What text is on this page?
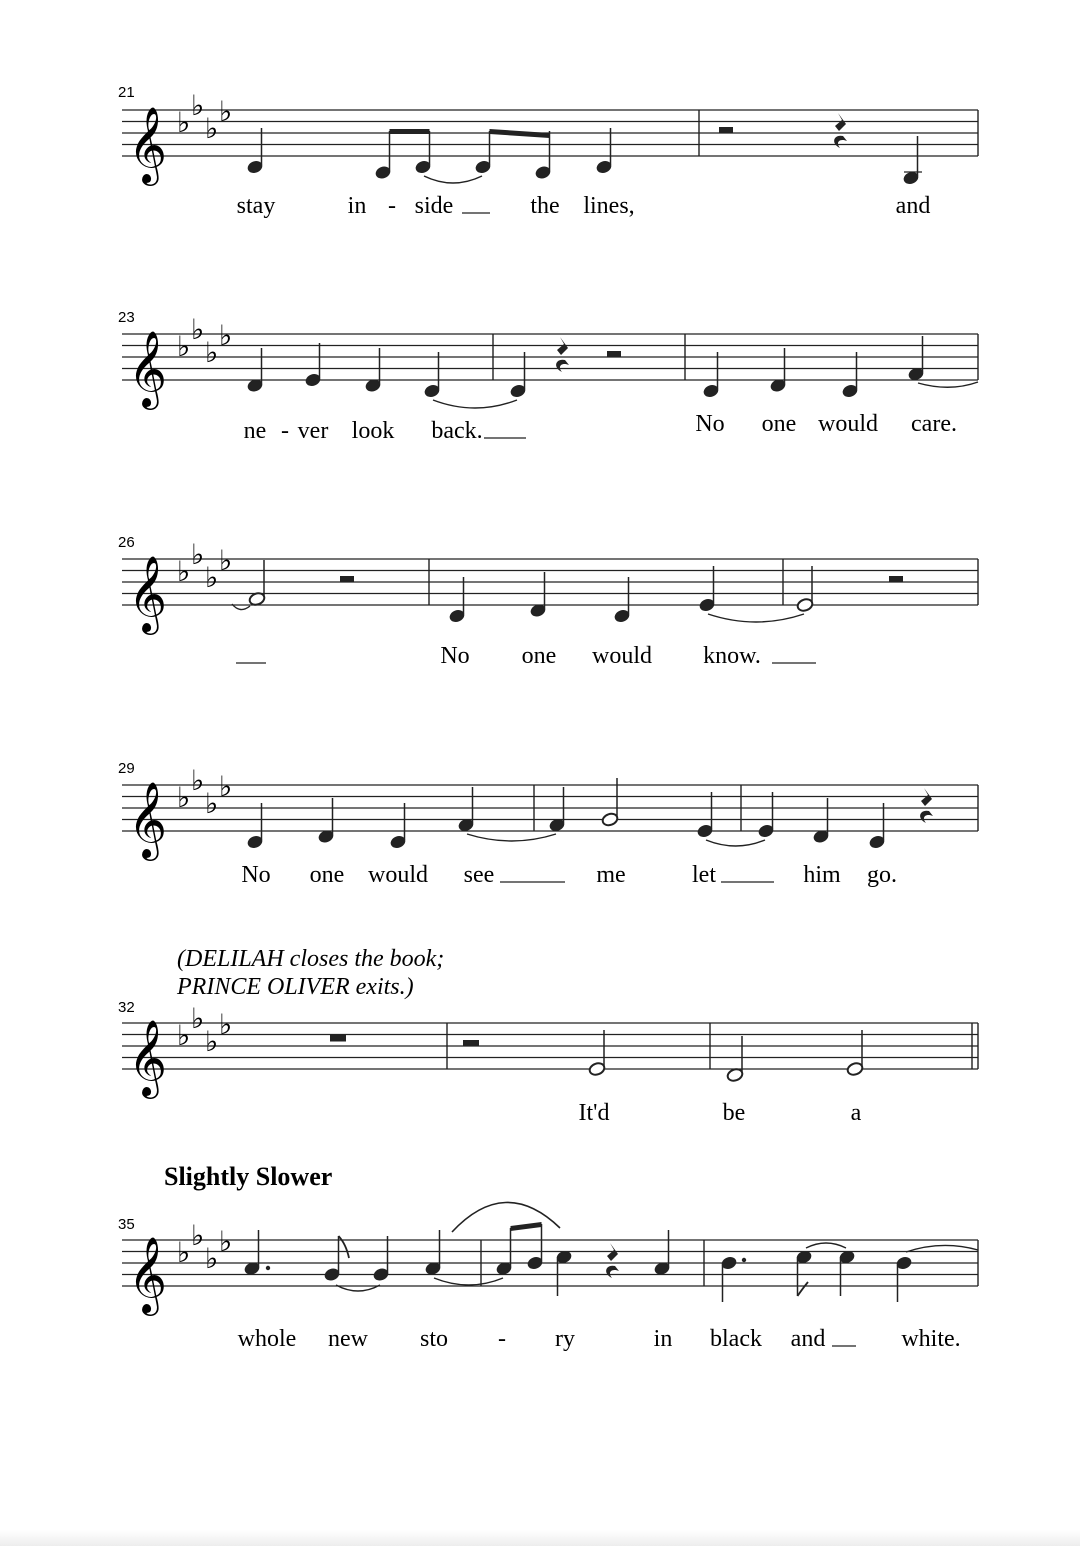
21
𝄞 ♭
♭
♭
♭
stay	in - side	the lines,	and
23
𝄞 ♭
♭
♭
♭
ne - ver look back.	No one would care.
26
𝄞 ♭
♭
♭
♭
No one would know.
29
𝄞 ♭
♭
♭
♭
No one would see	me	let	him go.
(DELILAH closes the book;
PRINCE OLIVER exits.)
32
𝄞 ♭
♭
♭
♭
It'd	be	a
Slightly Slower
35
𝄞 ♭
♭
♭
♭
whole new sto - ry	in black and	white.
